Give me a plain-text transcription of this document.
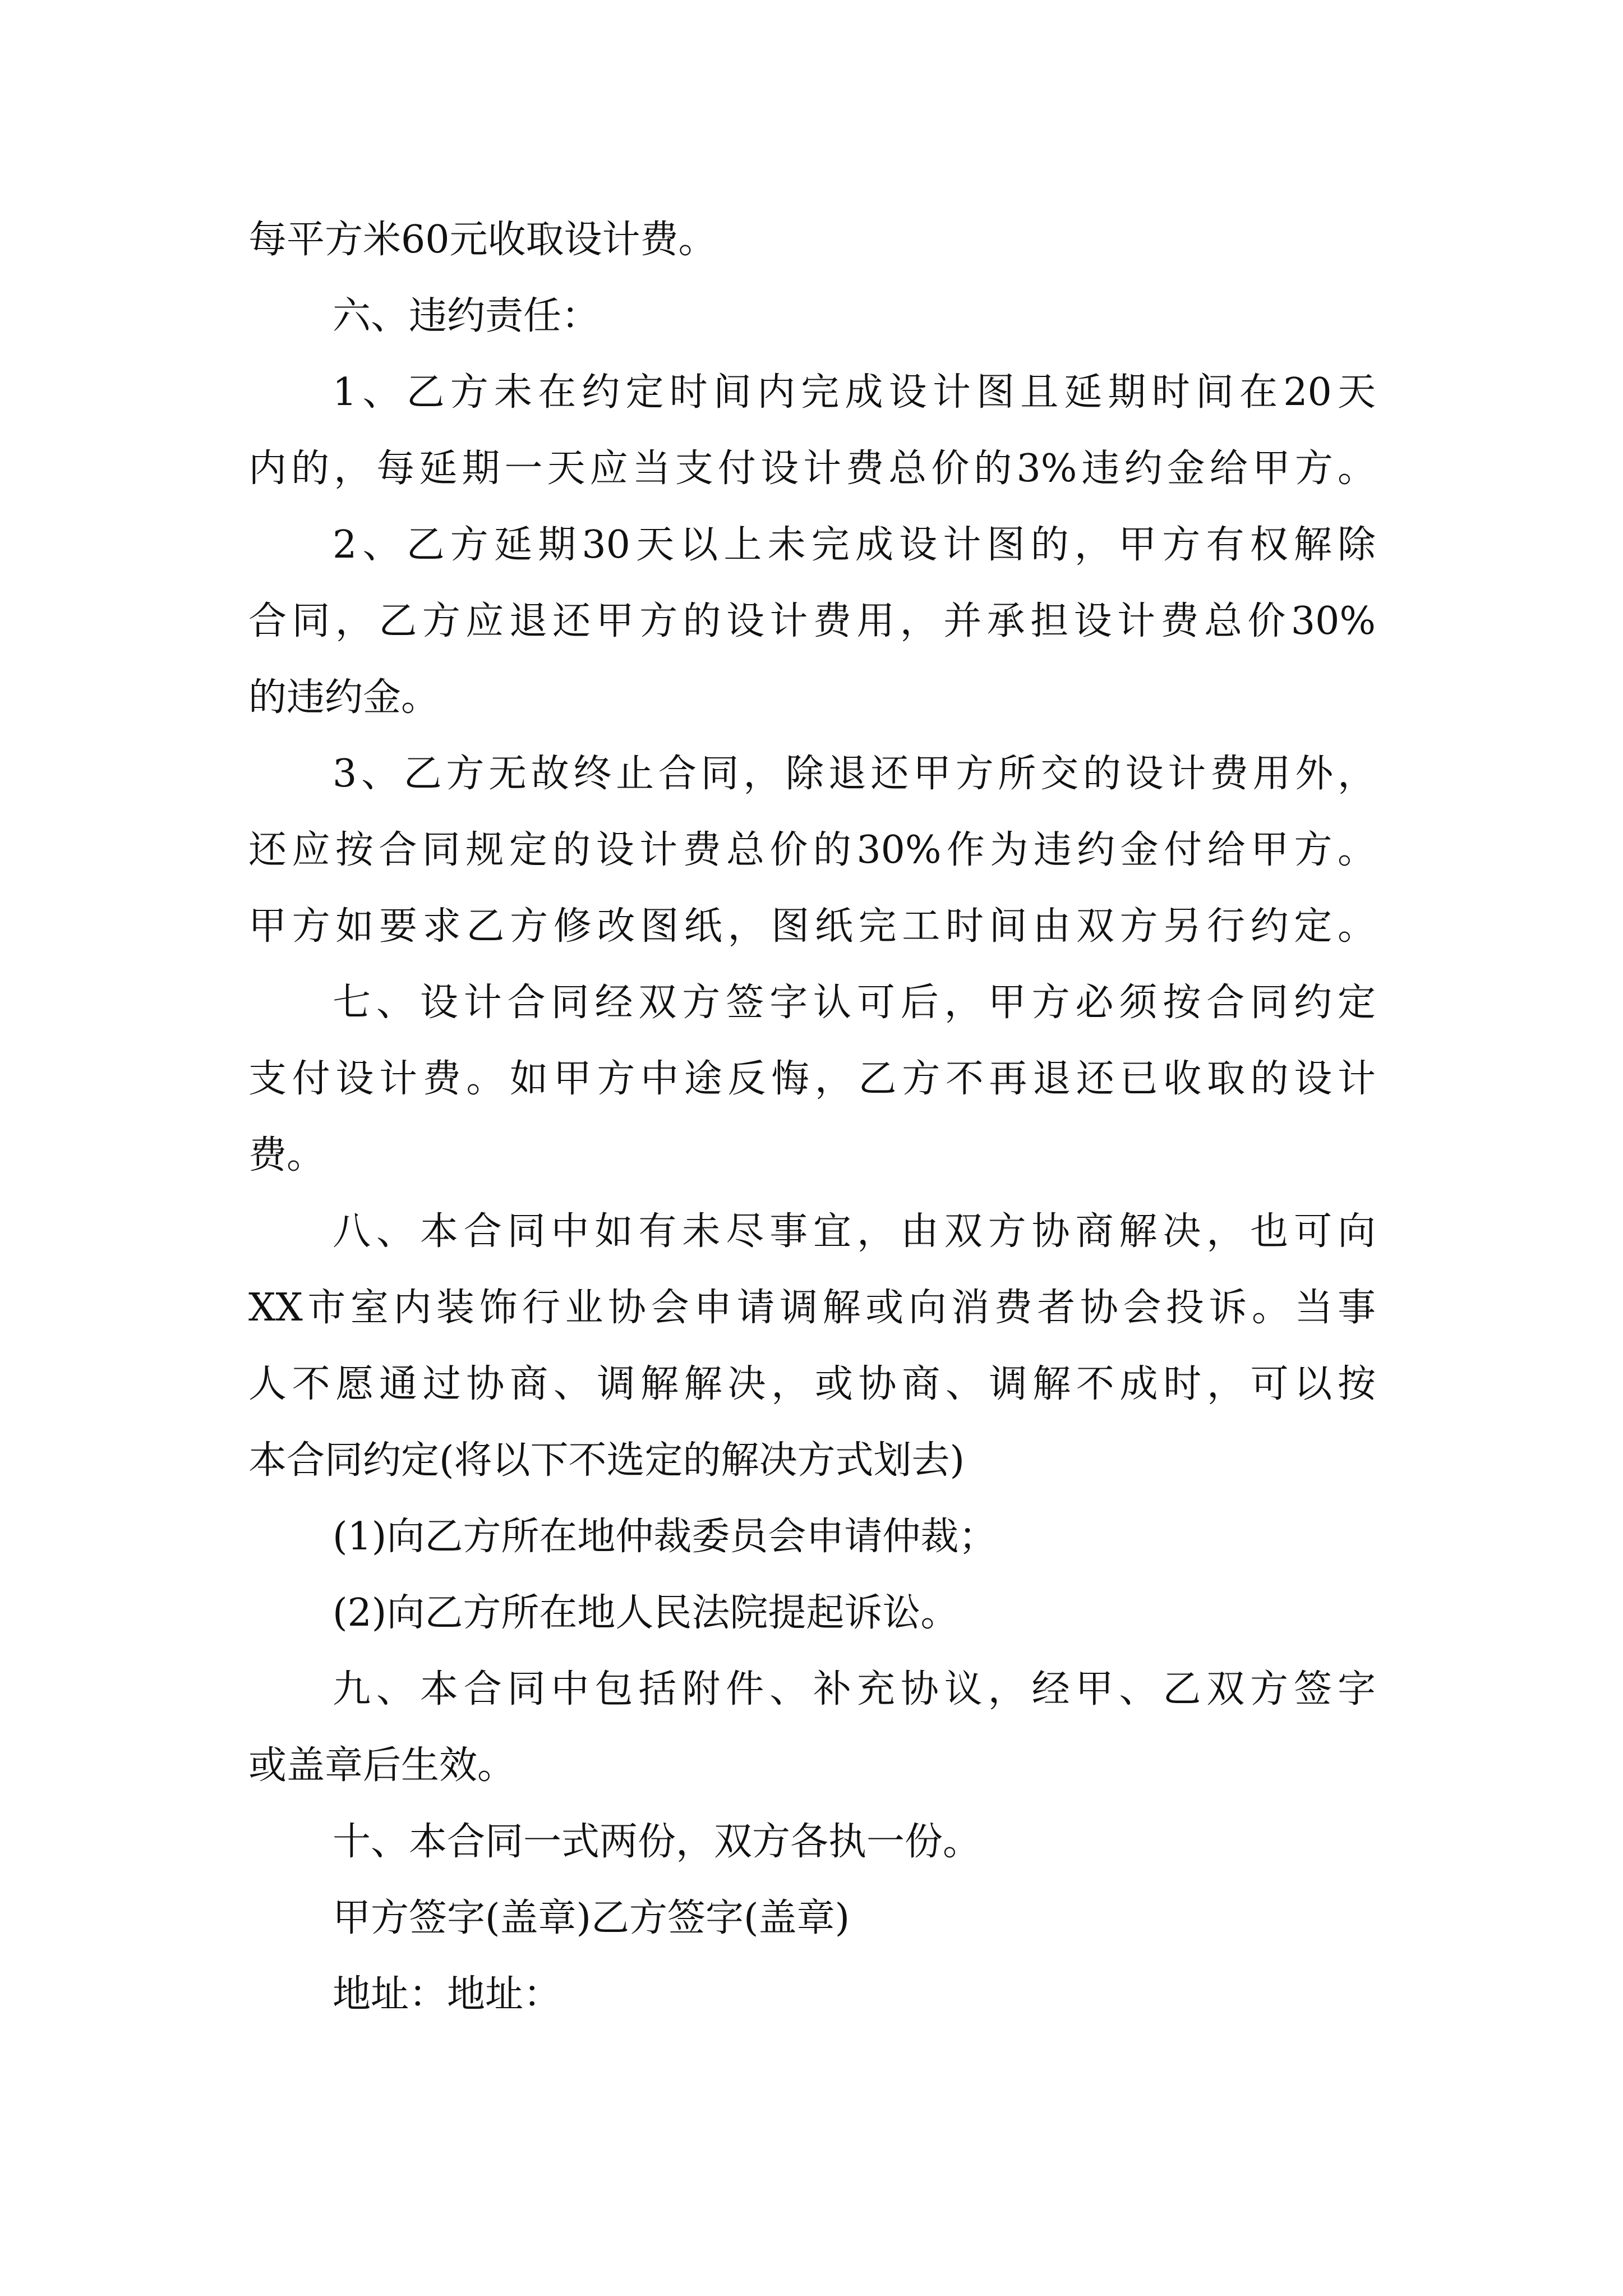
每平方米60元收取设计费。
六、违约责任：
1、乙方未在约定时间内完成设计图且延期时间在20天
内的，每延期一天应当支付设计费总价的3%违约金给甲方。
2、乙方延期30天以上未完成设计图的，甲方有权解除
合同，乙方应退还甲方的设计费用，并承担设计费总价30%
的违约金。
3、乙方无故终止合同，除退还甲方所交的设计费用外，
还应按合同规定的设计费总价的30%作为违约金付给甲方。
甲方如要求乙方修改图纸，图纸完工时间由双方另行约定。
七、设计合同经双方签字认可后，甲方必须按合同约定
支付设计费。如甲方中途反悔，乙方不再退还已收取的设计
费。
八、本合同中如有未尽事宜，由双方协商解决，也可向
XX市室内装饰行业协会申请调解或向消费者协会投诉。当事
人不愿通过协商、调解解决，或协商、调解不成时，可以按
本合同约定(将以下不选定的解决方式划去)
(1)向乙方所在地仲裁委员会申请仲裁；
(2)向乙方所在地人民法院提起诉讼。
九、本合同中包括附件、补充协议，经甲、乙双方签字
或盖章后生效。
十、本合同一式两份，双方各执一份。
甲方签字(盖章)乙方签字(盖章)
地址：地址：
